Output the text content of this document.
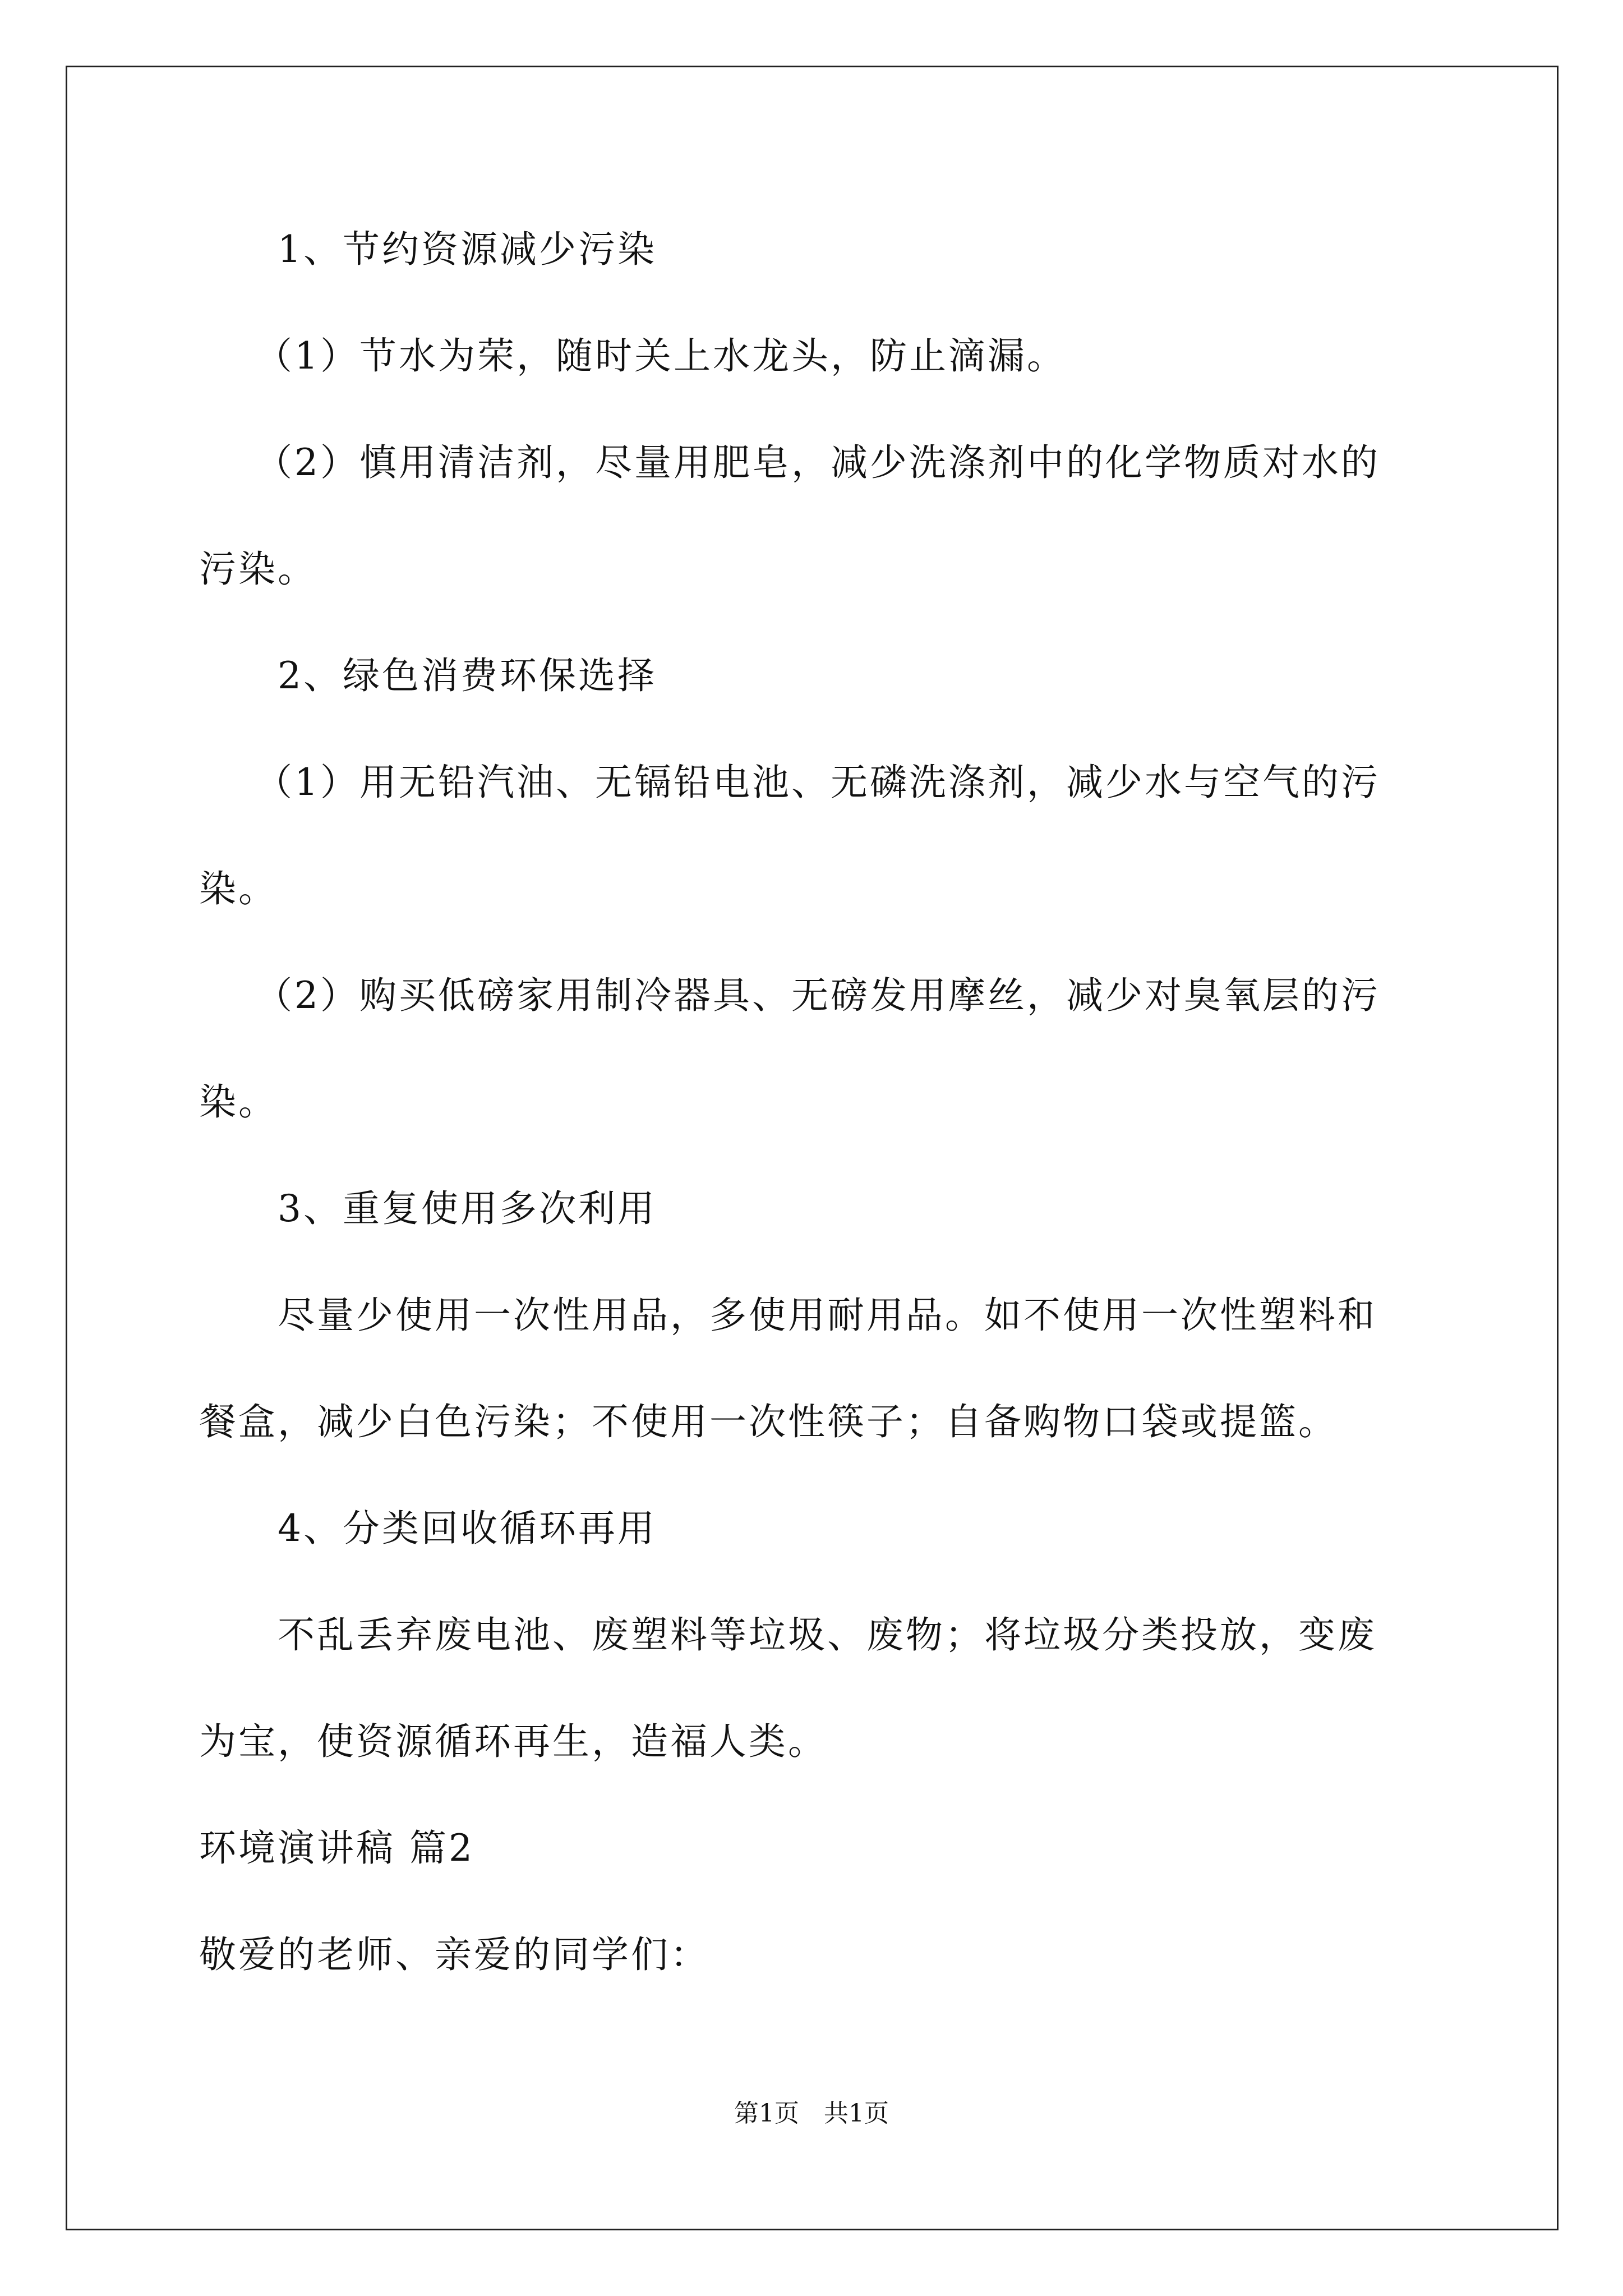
1、节约资源减少污染
（1）节水为荣，随时关上水龙头，防止滴漏。
（2）慎用清洁剂，尽量用肥皂，减少洗涤剂中的化学物质对水的
污染。
2、绿色消费环保选择
（1）用无铅汽油、无镉铅电池、无磷洗涤剂，减少水与空气的污
染。
（2）购买低磅家用制冷器具、无磅发用摩丝，减少对臭氧层的污
染。
3、重复使用多次利用
尽量少使用一次性用品，多使用耐用品。如不使用一次性塑料和
餐盒，减少白色污染；不使用一次性筷子；自备购物口袋或提篮。
4、分类回收循环再用
不乱丢弃废电池、废塑料等垃圾、废物；将垃圾分类投放，变废
为宝，使资源循环再生，造福人类。
环境演讲稿 篇2
敬爱的老师、亲爱的同学们：
第1页　共1页
